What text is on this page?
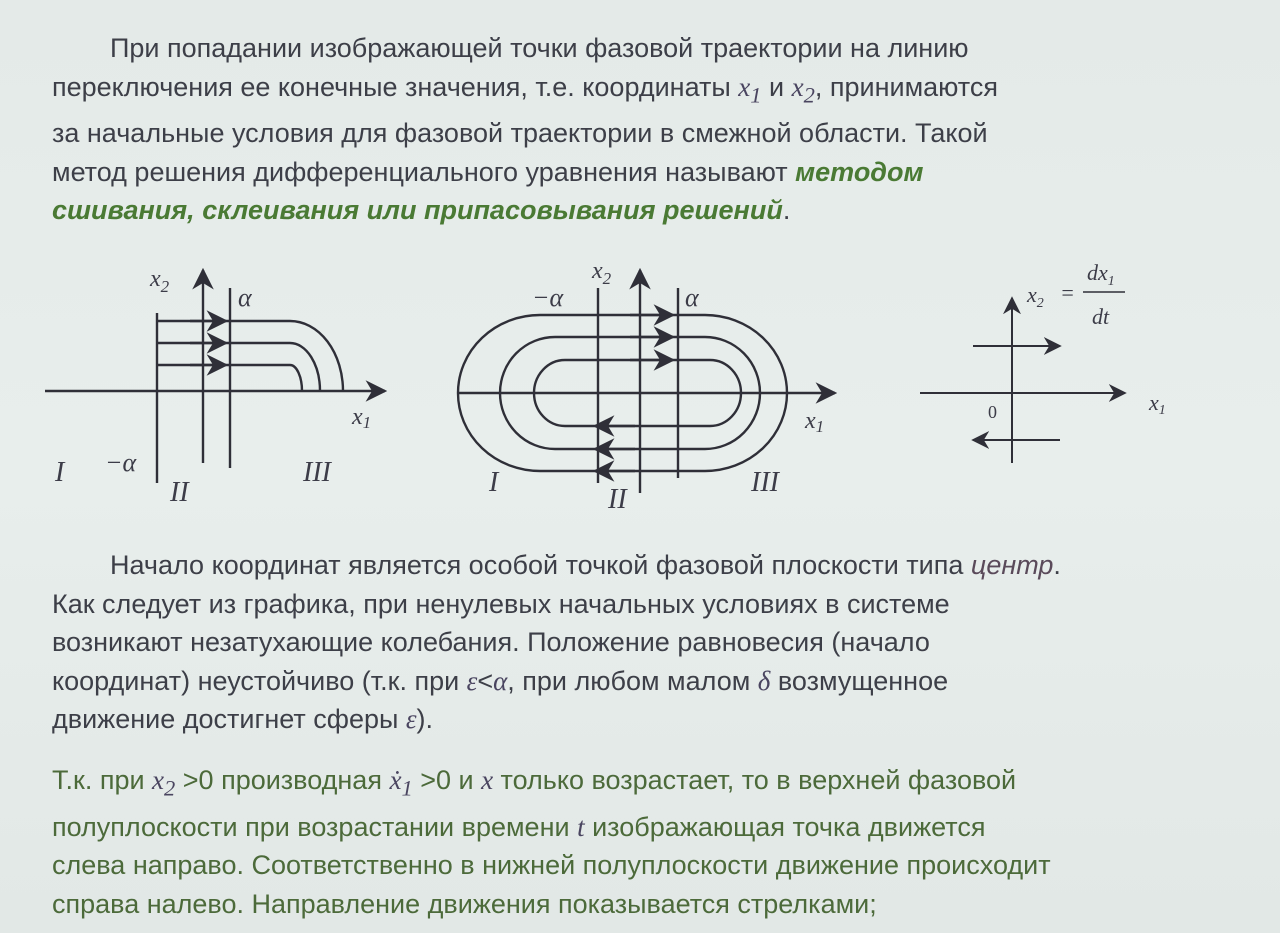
При попадании изображающей точки фазовой траектории на линию
переключения ее конечные значения, т.е. координаты $x_1$ и $x_2$, принимаются
за начальные условия для фазовой траектории в смежной области. Такой
метод решения дифференциального уравнения называют методом
сшивания, склеивания или припасовывания решений.
$x_2$
x1
α
−α
I
II
III
$x_2$
x1
α
−α
I
II
III
$x_2$ =
$dx_1$
dt
0	x1
Начало координат является особой точкой фазовой плоскости типа центр.
Как следует из графика, при ненулевых начальных условиях в системе
возникают незатухающие колебания. Положение равновесия (начало
координат) неустойчиво (т.к. при ε<α, при любом малом δ возмущенное
движение достигнет сферы ε).
Т.к. при $x_2 >0$ производная ẋ$_1$ >0 и x только возрастает, то в верхней фазовой
полуплоскости при возрастании времени t изображающая точка движется
слева направо. Соответственно в нижней полуплоскости движение происходит
справа налево. Направление движения показывается стрелками;
